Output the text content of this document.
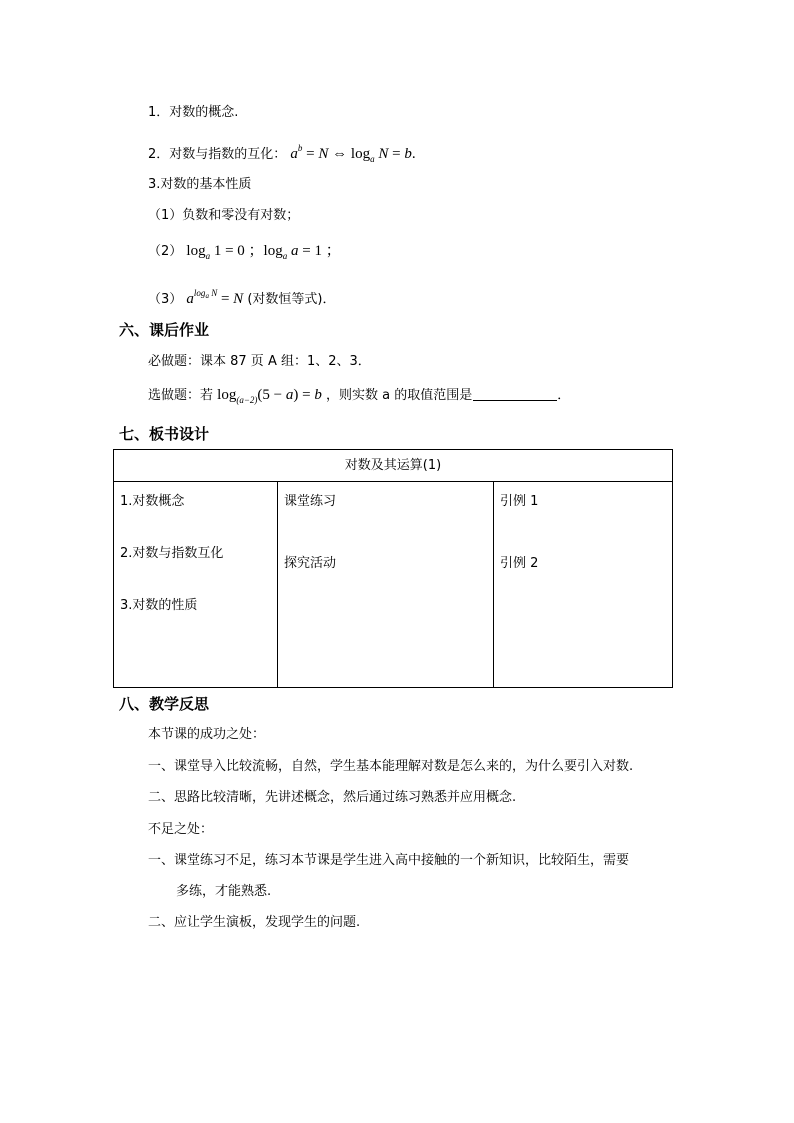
1．对数的概念.
2．对数与指数的互化： $a^b = N$ ⇔ $\log_a N = b$.
3.对数的基本性质
（1）负数和零没有对数；
（2） $\log_a 1 = 0$ ；$\log_a a = 1$ ；
（3） $a^{log_a N} = N$ (对数恒等式)．
六、课后作业
必做题：课本 87 页 A 组：1、2、3．
选做题：若 $\log_{(a-2)}(5 - a) = b$ ，则实数 a 的取值范围是	．
七、板书设计
对数及其运算(1)

1.对数概念
2.对数与指数互化
3.对数的性质

课堂练习
探究活动

引例 1
引例 2
八、教学反思
本节课的成功之处：
一、课堂导入比较流畅，自然，学生基本能理解对数是怎么来的，为什么要引入对数.
二、思路比较清晰，先讲述概念，然后通过练习熟悉并应用概念.
不足之处：
一、课堂练习不足，练习本节课是学生进入高中接触的一个新知识，比较陌生，需要
多练，才能熟悉.
二、应让学生演板，发现学生的问题.
